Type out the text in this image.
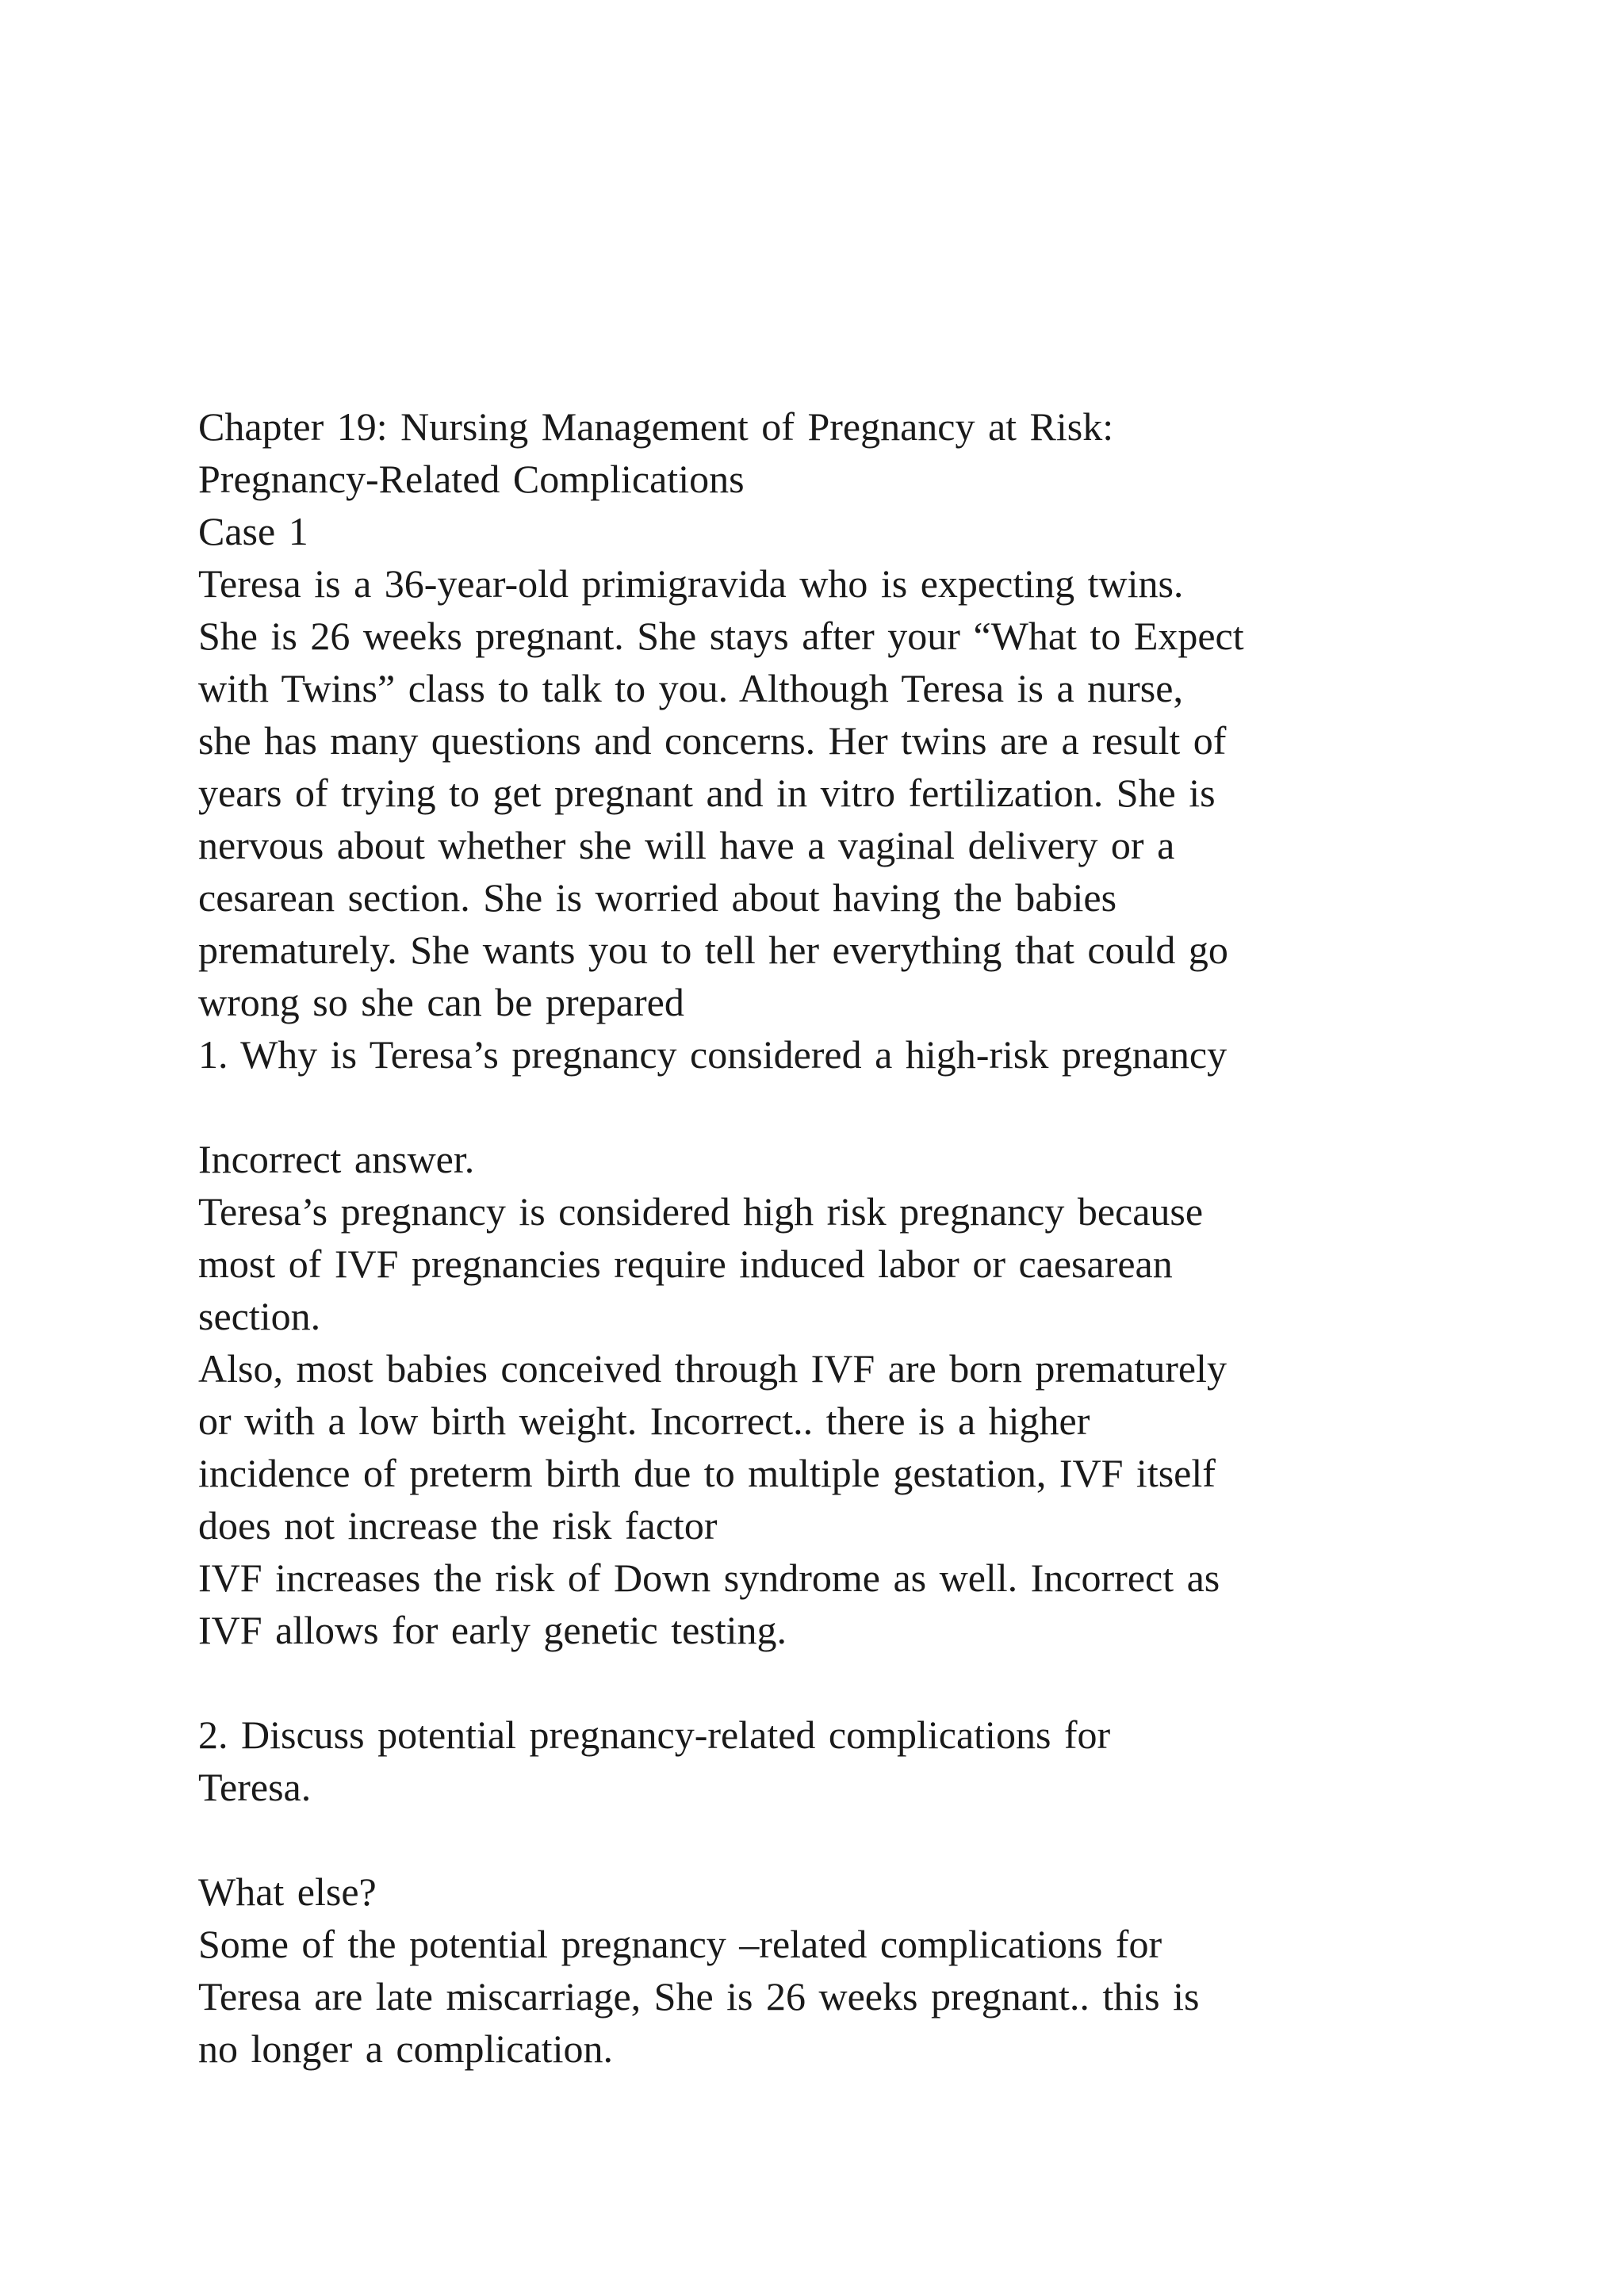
Chapter 19: Nursing Management of Pregnancy at Risk:
Pregnancy-Related Complications
Case 1
Teresa is a 36-year-old primigravida who is expecting twins.
She is 26 weeks pregnant. She stays after your “What to Expect
with Twins” class to talk to you. Although Teresa is a nurse,
she has many questions and concerns. Her twins are a result of
years of trying to get pregnant and in vitro fertilization. She is
nervous about whether she will have a vaginal delivery or a
cesarean section. She is worried about having the babies
prematurely. She wants you to tell her everything that could go
wrong so she can be prepared
1. Why is Teresa’s pregnancy considered a high-risk pregnancy
Incorrect answer.
Teresa’s pregnancy is considered high risk pregnancy because
most of IVF pregnancies require induced labor or caesarean
section.
Also, most babies conceived through IVF are born prematurely
or with a low birth weight. Incorrect.. there is a higher
incidence of preterm birth due to multiple gestation, IVF itself
does not increase the risk factor
IVF increases the risk of Down syndrome as well. Incorrect as
IVF allows for early genetic testing.
2. Discuss potential pregnancy-related complications for
Teresa.
What else?
Some of the potential pregnancy –related complications for
Teresa are late miscarriage, She is 26 weeks pregnant.. this is
no longer a complication.
